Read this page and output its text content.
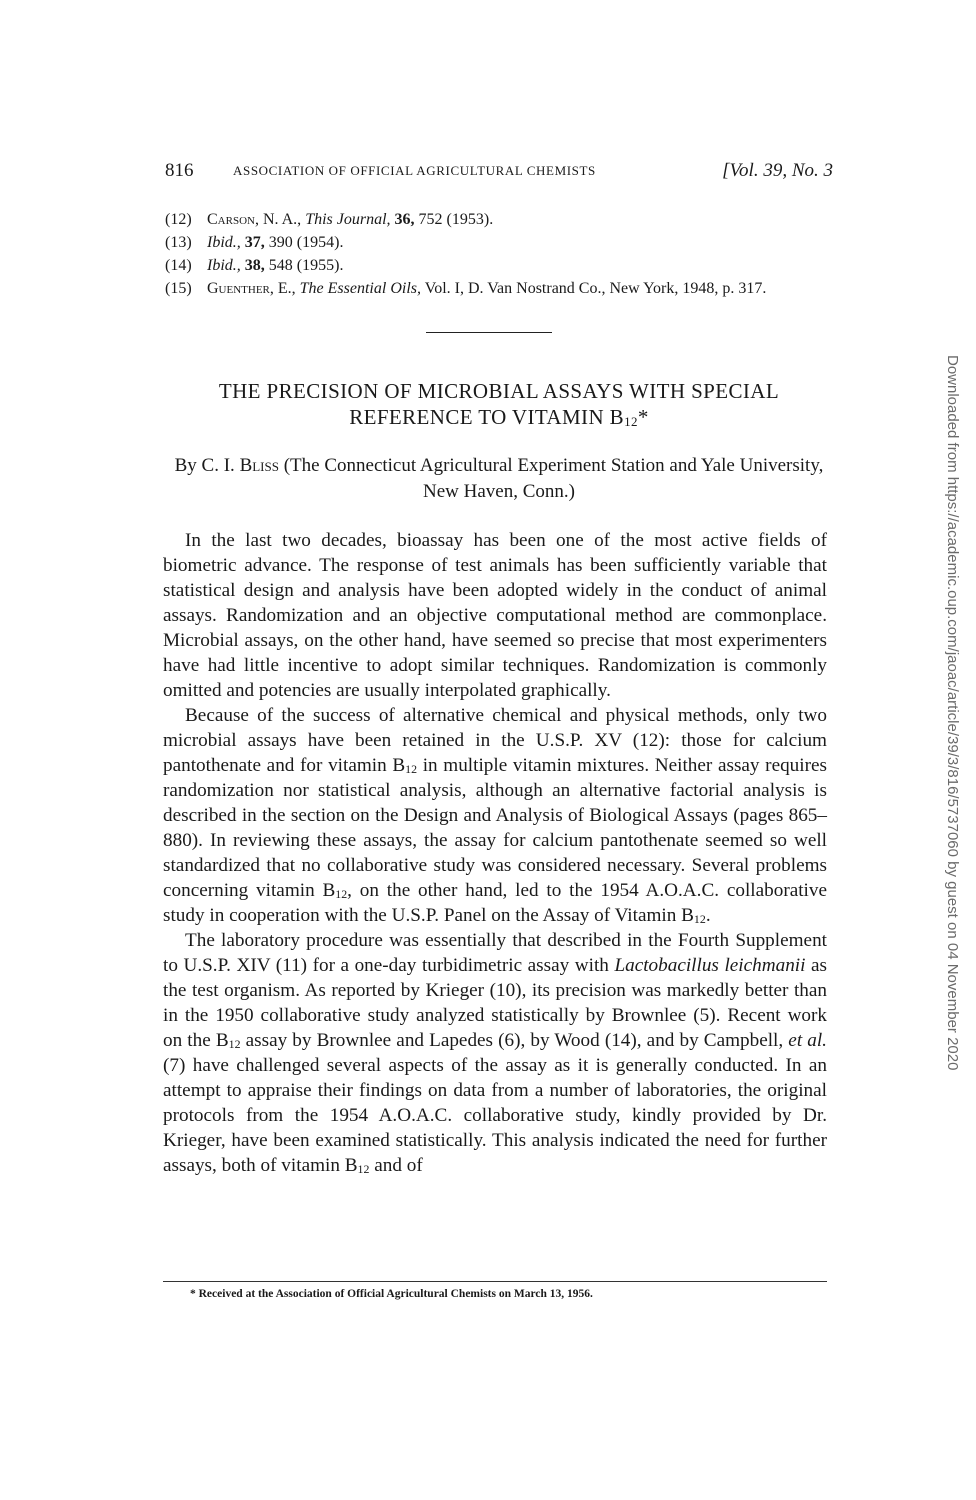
816	ASSOCIATION OF OFFICIAL AGRICULTURAL CHEMISTS	[Vol. 39, No. 3
(12) Carson, N. A., This Journal, 36, 752 (1953).
(13) Ibid., 37, 390 (1954).
(14) Ibid., 38, 548 (1955).
(15) Guenther, E., The Essential Oils, Vol. I, D. Van Nostrand Co., New York, 1948, p. 317.
THE PRECISION OF MICROBIAL ASSAYS WITH SPECIAL
REFERENCE TO VITAMIN $B_{12}*$
By C. I. Bliss (The Connecticut Agricultural Experiment Station and Yale University, New Haven, Conn.)

In the last two decades, bioassay has been one of the most active fields of biometric advance. The response of test animals has been sufficiently variable that statistical design and analysis have been adopted widely in the conduct of animal assays. Randomization and an objective computational method are commonplace. Microbial assays, on the other hand, have seemed so precise that most experimenters have had little incentive to adopt similar techniques. Randomization is commonly omitted and potencies are usually interpolated graphically.

Because of the success of alternative chemical and physical methods, only two microbial assays have been retained in the U.S.P. XV (12): those for calcium pantothenate and for vitamin $B_{12}$ in multiple vitamin mixtures. Neither assay requires randomization nor statistical analysis, although an alternative factorial analysis is described in the section on the Design and Analysis of Biological Assays (pages 865–880). In reviewing these assays, the assay for calcium pantothenate seemed so well standardized that no collaborative study was considered necessary. Several problems concerning vitamin $B_{12}$, on the other hand, led to the 1954 A.O.A.C. collaborative study in cooperation with the U.S.P. Panel on the Assay of Vitamin $B_{12}$.

The laboratory procedure was essentially that described in the Fourth Supplement to U.S.P. XIV (11) for a one-day turbidimetric assay with Lactobacillus leichmanii as the test organism. As reported by Krieger (10), its precision was markedly better than in the 1950 collaborative study analyzed statistically by Brownlee (5). Recent work on the $B_{12}$ assay by Brownlee and Lapedes (6), by Wood (14), and by Campbell, et al. (7) have challenged several aspects of the assay as it is generally conducted. In an attempt to appraise their findings on data from a number of laboratories, the original protocols from the 1954 A.O.A.C. collaborative study, kindly provided by Dr. Krieger, have been examined statistically. This analysis indicated the need for further assays, both of vitamin $B_{12}$ and of

* Received at the Association of Official Agricultural Chemists on March 13, 1956.
Downloaded from https://academic.oup.com/jaoac/article/39/3/816/5737060 by guest on 04 November 2020
